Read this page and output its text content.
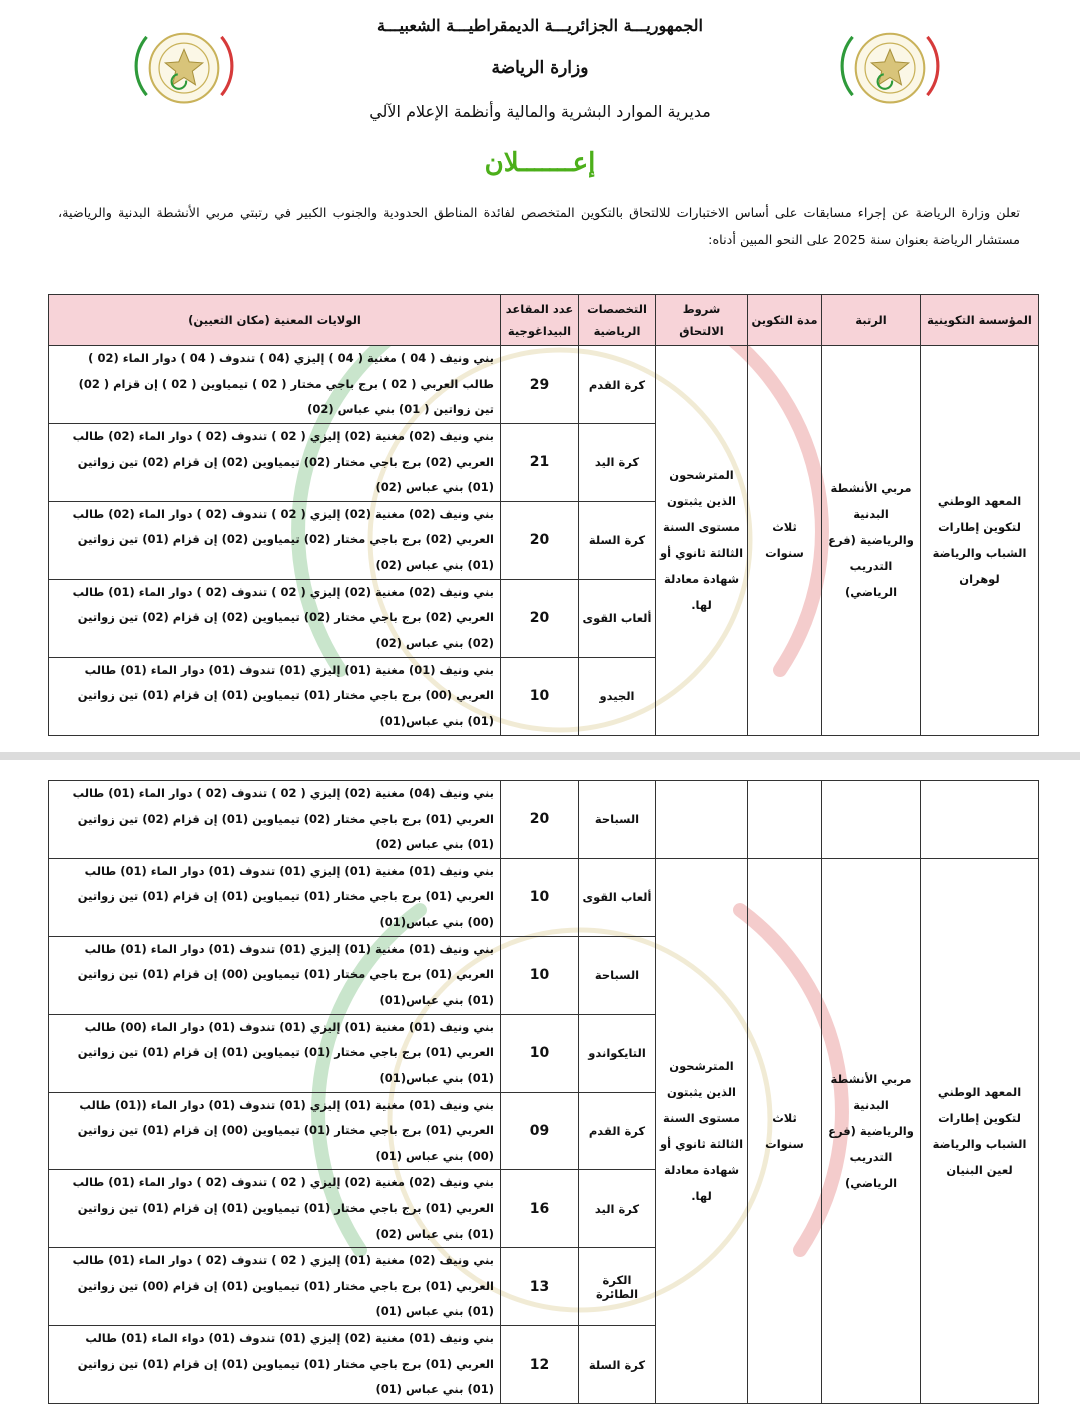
الجمهوريـــة الجزائريـــة الديمقراطيـــة الشعبيـــة
وزارة الرياضة
مديرية الموارد البشرية والمالية وأنظمة الإعلام الآلي
إعـــــــلان
تعلن وزارة الرياضة عن إجراء مسابقات على أساس الاختبارات للالتحاق بالتكوين المتخصص لفائدة المناطق الحدودية والجنوب الكبير في رتبتي مربي الأنشطة البدنية والرياضية، مستشار الرياضة بعنوان سنة 2025 على النحو المبين أدناه:
المؤسسة التكوينية	الرتبة	مدة التكوين	شروط الالتحاق	التخصصات الرياضية	عدد المقاعد البيداغوجية	الولايات المعنية (مكان التعيين)
المعهد الوطني لتكوين إطارات الشباب والرياضة لوهران	مربي الأنشطة البدنية والرياضية (فرع التدريب الرياضي)	ثلاث سنوات	المترشحون الذين يثبتون مستوى السنة الثالثة ثانوي أو شهادة معادلة لها.	كرة القدم	29	بني ونيف ( 04 ) مغنية ( 04 ) إليزي (04 ) تندوف ( 04 ) دوار الماء (02 ) طالب العربي ( 02 ) برج باجي مختار ( 02 ) تيمياوين ( 02 ) إن قزام ( 02) تين زواتين ( 01) بني عباس (02)
				كرة اليد	21	بني ونيف (02) مغنية (02) إليزي ( 02 ) تندوف (02 ) دوار الماء (02) طالب العربي (02) برج باجي مختار (02) تيمياوين (02) إن قزام (02) تين زواتين (01) بني عباس (02)
				كرة السلة	20	بني ونيف (02) مغنية (02) إليزي ( 02 ) تندوف (02 ) دوار الماء (02) طالب العربي (02) برج باجي مختار (02) تيمياوين (02) إن قزام (01) تين زواتين (01) بني عباس (02)
				ألعاب القوى	20	بني ونيف (02) مغنية (02) إليزي ( 02 ) تندوف (02 ) دوار الماء (01) طالب العربي (02) برج باجي مختار (02) تيمياوين (02) إن قزام (02) تين زواتين (02) بني عباس (02)
				الجيدو	10	بني ونيف (01) مغنية (01) إليزي (01) تندوف (01) دوار الماء (01) طالب العربي (00) برج باجي مختار (01) تيمياوين (01) إن قزام (01) تين زواتين (01) بني عباس(01)
				السباحة	20	بني ونيف (04) مغنية (02) إليزي ( 02 ) تندوف (02 ) دوار الماء (01) طالب العربي (01) برج باجي مختار (02) تيمياوين (01) إن قزام (02) تين زواتين (01) بني عباس (02)
المعهد الوطني لتكوين إطارات الشباب والرياضة لعين البنيان	مربي الأنشطة البدنية والرياضية (فرع التدريب الرياضي)	ثلاث سنوات	المترشحون الذين يثبتون مستوى السنة الثالثة ثانوي أو شهادة معادلة لها.	ألعاب القوى	10	بني ونيف (01) مغنية (01) إليزي (01) تندوف (01) دوار الماء (01) طالب العربي (01) برج باجي مختار (01) تيمياوين (01) إن قزام (01) تين زواتين (00) بني عباس(01)
				السباحة	10	بني ونيف (01) مغنية (01) إليزي (01) تندوف (01) دوار الماء (01) طالب العربي (01) برج باجي مختار (01) تيمياوين (00) إن قزام (01) تين زواتين (01) بني عباس(01)
				التايكواندو	10	بني ونيف (01) مغنية (01) إليزي (01) تندوف (01) دوار الماء (00) طالب العربي (01) برج باجي مختار (01) تيمياوين (01) إن قزام (01) تين زواتين (01) بني عباس(01)
				كرة القدم	09	بني ونيف (01) مغنية (01) إليزي (01) تندوف (01) دوار الماء ((01) طالب العربي (01) برج باجي مختار (01) تيمياوين (00) إن قزام (01) تين زواتين (00) بني عباس (01)
				كرة اليد	16	بني ونيف (02) مغنية (02) إليزي ( 02 ) تندوف (02 ) دوار الماء (01) طالب العربي (01) برج باجي مختار (01) تيمياوين (01) إن قزام (01) تين زواتين (01) بني عباس (02)
				الكرة الطائرة	13	بني ونيف (02) مغنية (01) إليزي ( 02 ) تندوف (02 ) دوار الماء (01) طالب العربي (01) برج باجي مختار (01) تيمياوين (01) إن قزام (00) تين زواتين (01) بني عباس (01)
				كرة السلة	12	بني ونيف (01) مغنية (02) إليزي (01) تندوف (01) دواء الماء (01) طالب العربي (01) برج باجي مختار (01) تيمياوين (01) إن قزام (01) تين زواتين (01) بني عباس (01)
